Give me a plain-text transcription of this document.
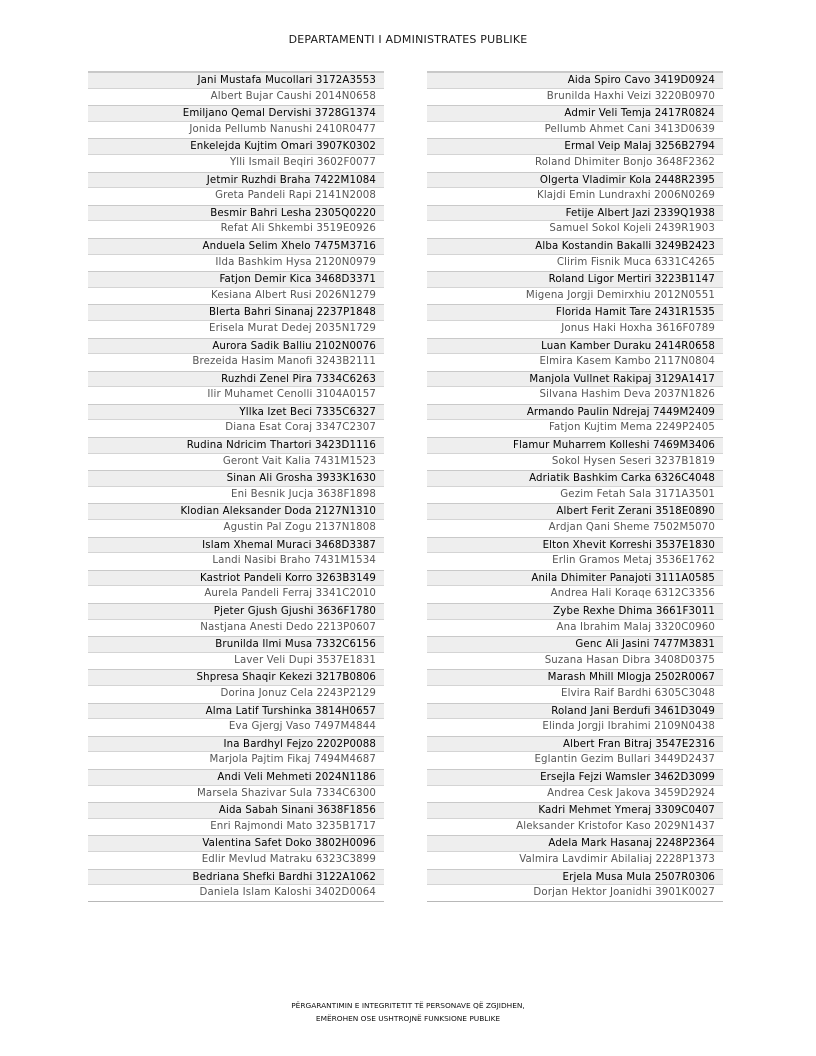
DEPARTAMENTI I ADMINISTRATES PUBLIKE
Jani Mustafa Mucollari 3172A3553
Albert Bujar Caushi 2014N0658
Emiljano Qemal Dervishi 3728G1374
Jonida Pellumb Nanushi 2410R0477
Enkelejda Kujtim Omari 3907K0302
Ylli Ismail Beqiri 3602F0077
Jetmir Ruzhdi Braha 7422M1084
Greta Pandeli Rapi 2141N2008
Besmir Bahri Lesha 2305Q0220
Refat Ali Shkembi 3519E0926
Anduela Selim Xhelo 7475M3716
Ilda Bashkim Hysa 2120N0979
Fatjon Demir Kica 3468D3371
Kesiana Albert Rusi 2026N1279
Blerta Bahri Sinanaj 2237P1848
Erisela Murat Dedej 2035N1729
Aurora Sadik Balliu 2102N0076
Brezeida Hasim Manofi 3243B2111
Ruzhdi Zenel Pira 7334C6263
Ilir Muhamet Cenolli 3104A0157
Yllka Izet Beci 7335C6327
Diana Esat Coraj 3347C2307
Rudina Ndricim Thartori 3423D1116
Geront Vait Kalia 7431M1523
Sinan Ali Grosha 3933K1630
Eni Besnik Jucja 3638F1898
Klodian Aleksander Doda 2127N1310
Agustin Pal Zogu 2137N1808
Islam Xhemal Muraci 3468D3387
Landi Nasibi Braho 7431M1534
Kastriot Pandeli Korro 3263B3149
Aurela Pandeli Ferraj 3341C2010
Pjeter Gjush Gjushi 3636F1780
Nastjana Anesti Dedo 2213P0607
Brunilda Ilmi Musa 7332C6156
Laver Veli Dupi 3537E1831
Shpresa Shaqir Kekezi 3217B0806
Dorina Jonuz Cela 2243P2129
Alma Latif Turshinka 3814H0657
Eva Gjergj Vaso 7497M4844
Ina Bardhyl Fejzo 2202P0088
Marjola Pajtim Fikaj 7494M4687
Andi Veli Mehmeti 2024N1186
Marsela Shazivar Sula 7334C6300
Aida Sabah Sinani 3638F1856
Enri Rajmondi Mato 3235B1717
Valentina Safet Doko 3802H0096
Edlir Mevlud Matraku 6323C3899
Bedriana Shefki Bardhi 3122A1062
Daniela Islam Kaloshi 3402D0064
Aida Spiro Cavo 3419D0924
Brunilda Haxhi Veizi 3220B0970
Admir Veli Temja 2417R0824
Pellumb Ahmet Cani 3413D0639
Ermal Veip Malaj 3256B2794
Roland Dhimiter Bonjo 3648F2362
Olgerta Vladimir Kola 2448R2395
Klajdi Emin Lundraxhi 2006N0269
Fetije Albert Jazi 2339Q1938
Samuel Sokol Kojeli 2439R1903
Alba Kostandin Bakalli 3249B2423
Clirim Fisnik Muca 6331C4265
Roland Ligor Mertiri 3223B1147
Migena Jorgji Demirxhiu 2012N0551
Florida Hamit Tare 2431R1535
Jonus Haki Hoxha 3616F0789
Luan Kamber Duraku 2414R0658
Elmira Kasem Kambo 2117N0804
Manjola Vullnet Rakipaj 3129A1417
Silvana Hashim Deva 2037N1826
Armando Paulin Ndrejaj 7449M2409
Fatjon Kujtim Mema 2249P2405
Flamur Muharrem Kolleshi 7469M3406
Sokol Hysen Seseri 3237B1819
Adriatik Bashkim Carka 6326C4048
Gezim Fetah Sala 3171A3501
Albert Ferit Zerani 3518E0890
Ardjan Qani Sheme 7502M5070
Elton Xhevit Korreshi 3537E1830
Erlin Gramos Metaj 3536E1762
Anila Dhimiter Panajoti 3111A0585
Andrea Hali Koraqe 6312C3356
Zybe Rexhe Dhima 3661F3011
Ana Ibrahim Malaj 3320C0960
Genc Ali Jasini 7477M3831
Suzana Hasan Dibra 3408D0375
Marash Mhill Mlogja 2502R0067
Elvira Raif Bardhi 6305C3048
Roland Jani Berdufi 3461D3049
Elinda Jorgji Ibrahimi 2109N0438
Albert Fran Bitraj 3547E2316
Eglantin Gezim Bullari 3449D2437
Ersejla Fejzi Wamsler 3462D3099
Andrea Cesk Jakova 3459D2924
Kadri Mehmet Ymeraj 3309C0407
Aleksander Kristofor Kaso 2029N1437
Adela Mark Hasanaj 2248P2364
Valmira Lavdimir Abilaliaj 2228P1373
Erjela Musa Mula 2507R0306
Dorjan Hektor Joanidhi 3901K0027
PËRGARANTIMIN E INTEGRITETIT TË PERSONAVE QË ZGJIDHEN,
EMËROHEN OSE USHTROJNË FUNKSIONE PUBLIKE
